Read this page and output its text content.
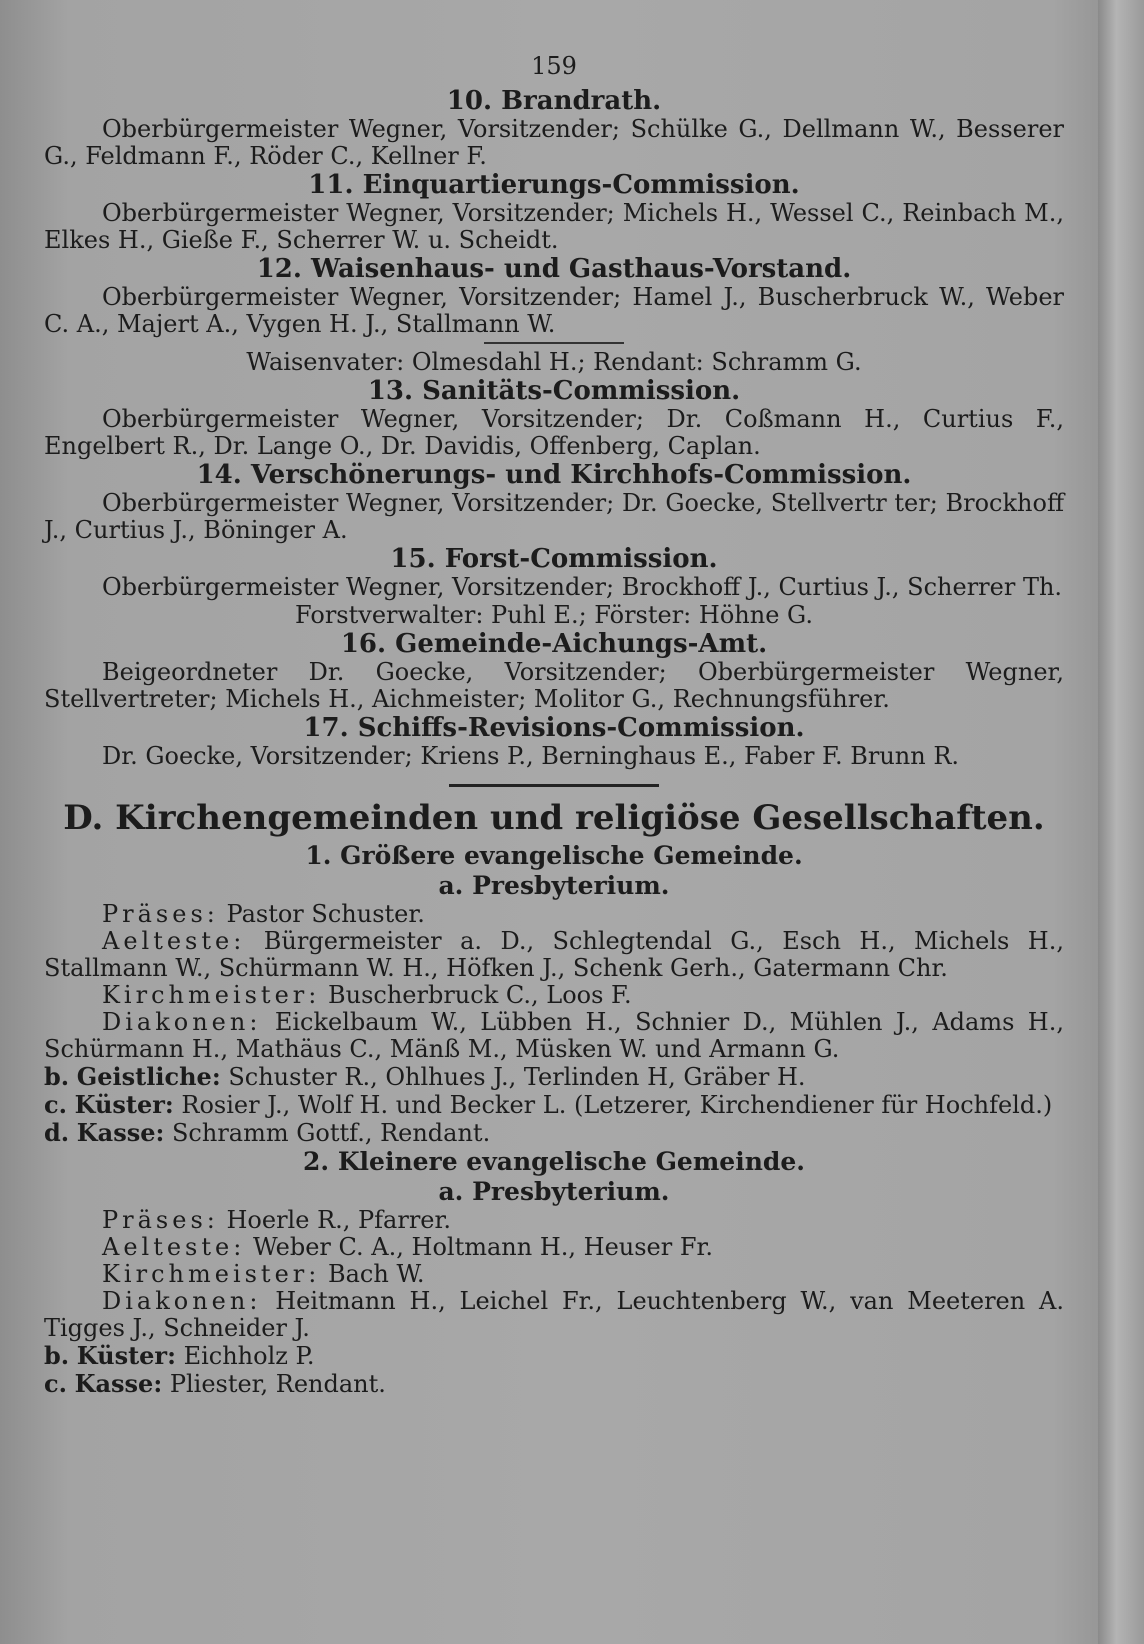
159
10. Brandrath.
Oberbürgermeister Wegner, Vorsitzender; Schülke G., Dellmann W., Besserer G., Feldmann F., Röder C., Kellner F.
11. Einquartierungs-Commission.
Oberbürgermeister Wegner, Vorsitzender; Michels H., Wessel C., Reinbach M., Elkes H., Gieße F., Scherrer W. u. Scheidt.
12. Waisenhaus- und Gasthaus-Vorstand.
Oberbürgermeister Wegner, Vorsitzender; Hamel J., Buscherbruck W., Weber C. A., Majert A., Vygen H. J., Stallmann W.
Waisenvater: Olmesdahl H.; Rendant: Schramm G.
13. Sanitäts-Commission.
Oberbürgermeister Wegner, Vorsitzender; Dr. Coßmann H., Curtius F., Engelbert R., Dr. Lange O., Dr. Davidis, Offenberg, Caplan.
14. Verschönerungs- und Kirchhofs-Commission.
Oberbürgermeister Wegner, Vorsitzender; Dr. Goecke, Stellvertr ter; Brockhoff J., Curtius J., Böninger A.
15. Forst-Commission.
Oberbürgermeister Wegner, Vorsitzender; Brockhoff J., Curtius J., Scherrer Th.
Forstverwalter: Puhl E.; Förster: Höhne G.
16. Gemeinde-Aichungs-Amt.
Beigeordneter Dr. Goecke, Vorsitzender; Oberbürgermeister Wegner, Stellvertreter; Michels H., Aichmeister; Molitor G., Rechnungsführer.
17. Schiffs-Revisions-Commission.
Dr. Goecke, Vorsitzender; Kriens P., Berninghaus E., Faber F. Brunn R.
D. Kirchengemeinden und religiöse Gesellschaften.
1. Größere evangelische Gemeinde.
a. Presbyterium.
Präses: Pastor Schuster.
Aelteste: Bürgermeister a. D., Schlegtendal G., Esch H., Michels H., Stallmann W., Schürmann W. H., Höfken J., Schenk Gerh., Gatermann Chr.
Kirchmeister: Buscherbruck C., Loos F.
Diakonen: Eickelbaum W., Lübben H., Schnier D., Mühlen J., Adams H., Schürmann H., Mathäus C., Mänß M., Müsken W. und Armann G.
b. Geistliche: Schuster R., Ohlhues J., Terlinden H, Gräber H.
c. Küster: Rosier J., Wolf H. und Becker L. (Letzerer, Kirchendiener für Hochfeld.)
d. Kasse: Schramm Gottf., Rendant.
2. Kleinere evangelische Gemeinde.
a. Presbyterium.
Präses: Hoerle R., Pfarrer.
Aelteste: Weber C. A., Holtmann H., Heuser Fr.
Kirchmeister: Bach W.
Diakonen: Heitmann H., Leichel Fr., Leuchtenberg W., van Meeteren A. Tigges J., Schneider J.
b. Küster: Eichholz P.
c. Kasse: Pliester, Rendant.
